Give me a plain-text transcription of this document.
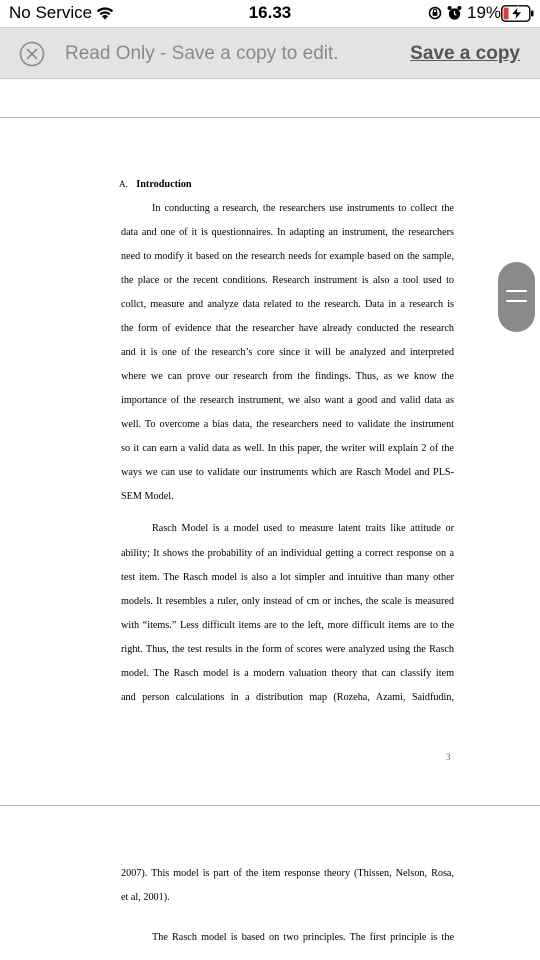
No Service	16.33	19%
Read Only - Save a copy to edit.	Save a copy
A. Introduction
In conducting a research, the researchers use instruments to collect the
data and one of it is questionnaires. In adapting an instrument, the researchers
need to modify it based on the research needs for example based on the sample,
the place or the recent conditions. Research instrument is also a tool used to
collct, measure and analyze data related to the research. Data in a research is
the form of evidence that the researcher have already conducted the research
and it is one of the research’s core since it will be analyzed and interpreted
where we can prove our research from the findings. Thus, as we know the
importance of the research instrument, we also want a good and valid data as
well. To overcome a bias data, the researchers need to validate the instrument
so it can earn a valid data as well. In this paper, the writer will explain 2 of the
ways we can use to validate our instruments which are Rasch Model and PLS-
SEM Model.
Rasch Model is a model used to measure latent traits like attitude or
ability; It shows the probability of an individual getting a correct response on a
test item. The Rasch model is also a lot simpler and intuitive than many other
models. It resembles a ruler, only instead of cm or inches, the scale is measured
with “items.” Less difficult items are to the left, more difficult items are to the
right. Thus, the test results in the form of scores were analyzed using the Rasch
model. The Rasch model is a modern valuation theory that can classify item
and person calculations in a distribution map (Rozeha, Azami, Saidfudin,
3
2007). This model is part of the item response theory (Thissen, Nelson, Rosa,
et al, 2001).
The Rasch model is based on two principles. The first principle is the
